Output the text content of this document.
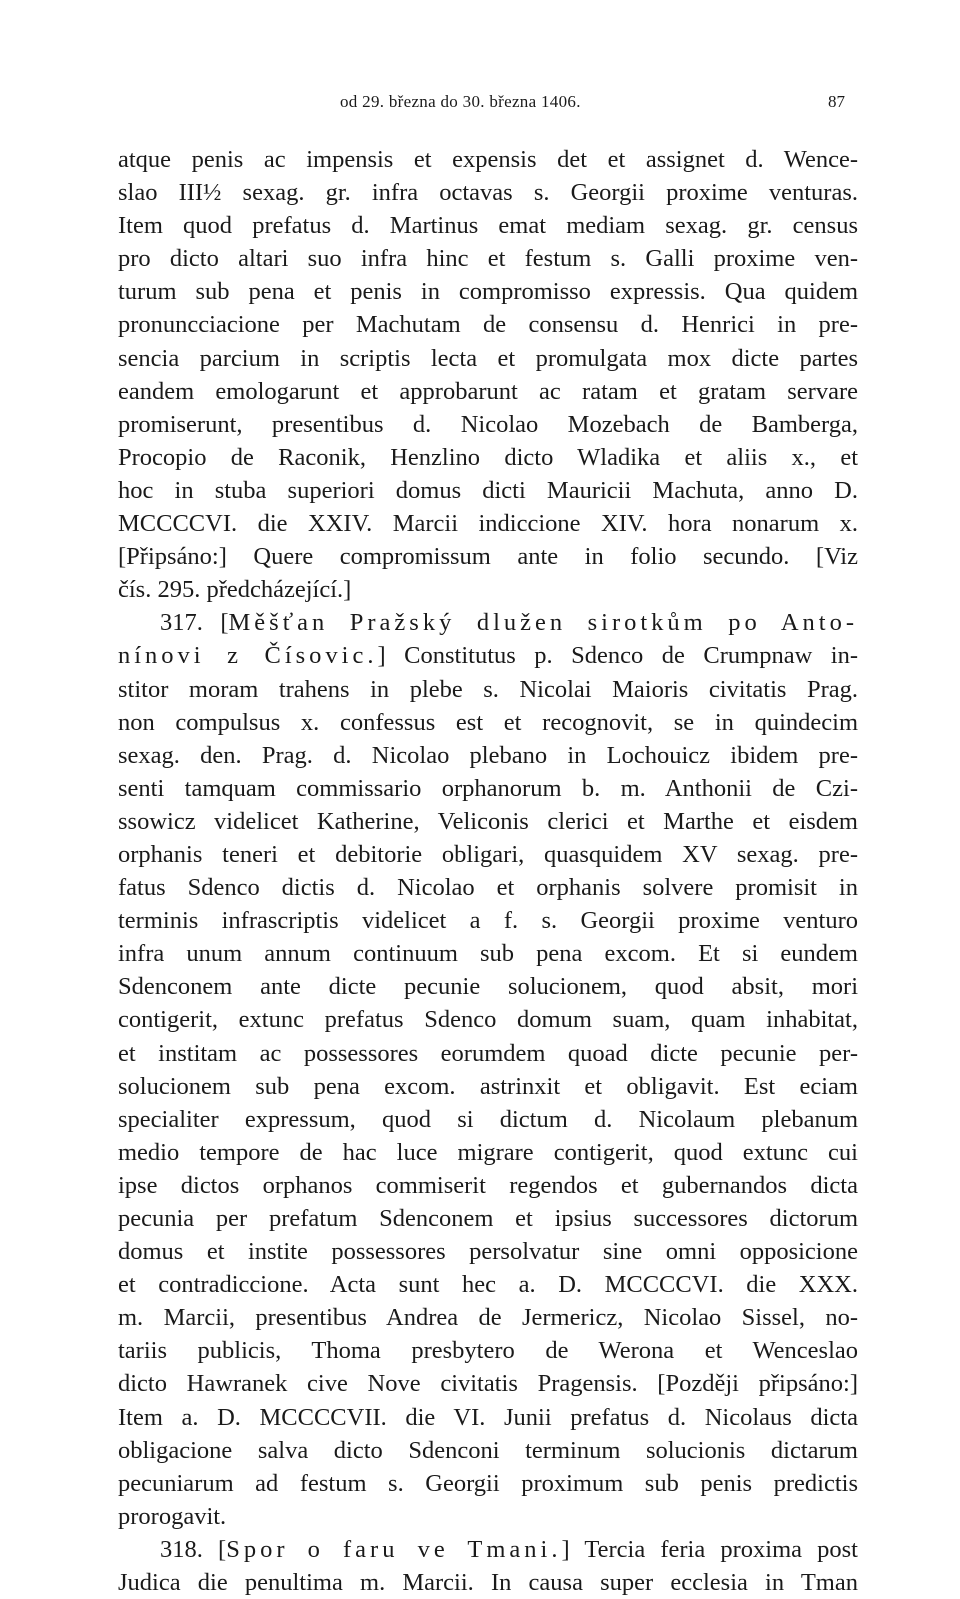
od 29. března do 30. března 1406.	87
atque penis ac impensis et expensis det et assignet d. Wence-
slao III½ sexag. gr. infra octavas s. Georgii proxime venturas.
Item quod prefatus d. Martinus emat mediam sexag. gr. census
pro dicto altari suo infra hinc et festum s. Galli proxime ven-
turum sub pena et penis in compromisso expressis. Qua quidem
pronuncciacione per Machutam de consensu d. Henrici in pre-
sencia parcium in scriptis lecta et promulgata mox dicte partes
eandem emologarunt et approbarunt ac ratam et gratam servare
promiserunt, presentibus d. Nicolao Mozebach de Bamberga,
Procopio de Raconik, Henzlino dicto Wladika et aliis x., et
hoc in stuba superiori domus dicti Mauricii Machuta, anno D.
MCCCCVI. die XXIV. Marcii indiccione XIV. hora nonarum x.
[Připsáno:] Quere compromissum ante in folio secundo. [Viz
čís. 295. předcházející.]
317. [Měšťan Pražský dlužen sirotkům po Anto-
nínovi z Čísovic.] Constitutus p. Sdenco de Crumpnaw in-
stitor moram trahens in plebe s. Nicolai Maioris civitatis Prag.
non compulsus x. confessus est et recognovit, se in quindecim
sexag. den. Prag. d. Nicolao plebano in Lochouicz ibidem pre-
senti tamquam commissario orphanorum b. m. Anthonii de Czi-
ssowicz videlicet Katherine, Veliconis clerici et Marthe et eisdem
orphanis teneri et debitorie obligari, quasquidem XV sexag. pre-
fatus Sdenco dictis d. Nicolao et orphanis solvere promisit in
terminis infrascriptis videlicet a f. s. Georgii proxime venturo
infra unum annum continuum sub pena excom. Et si eundem
Sdenconem ante dicte pecunie solucionem, quod absit, mori
contigerit, extunc prefatus Sdenco domum suam, quam inhabitat,
et institam ac possessores eorumdem quoad dicte pecunie per-
solucionem sub pena excom. astrinxit et obligavit. Est eciam
specialiter expressum, quod si dictum d. Nicolaum plebanum
medio tempore de hac luce migrare contigerit, quod extunc cui
ipse dictos orphanos commiserit regendos et gubernandos dicta
pecunia per prefatum Sdenconem et ipsius successores dictorum
domus et institе possessores persolvatur sine omni opposicione
et contradiccione. Acta sunt hec a. D. MCCCCVI. die XXX.
m. Marcii, presentibus Andrea de Jermericz, Nicolao Sissel, no-
tariis publicis, Thoma presbytero de Werona et Wenceslao
dicto Hawranek cive Nove civitatis Pragensis. [Později připsáno:]
Item a. D. MCCCCVII. die VI. Junii prefatus d. Nicolaus dicta
obligacione salva dicto Sdenconi terminum solucionis dictarum
pecuniarum ad festum s. Georgii proximum sub penis predictis
prorogavit.
318. [Spor o faru ve Tmani.] Tercia feria proxima post
Judica die penultima m. Marcii. In causa super ecclesia in Tman
